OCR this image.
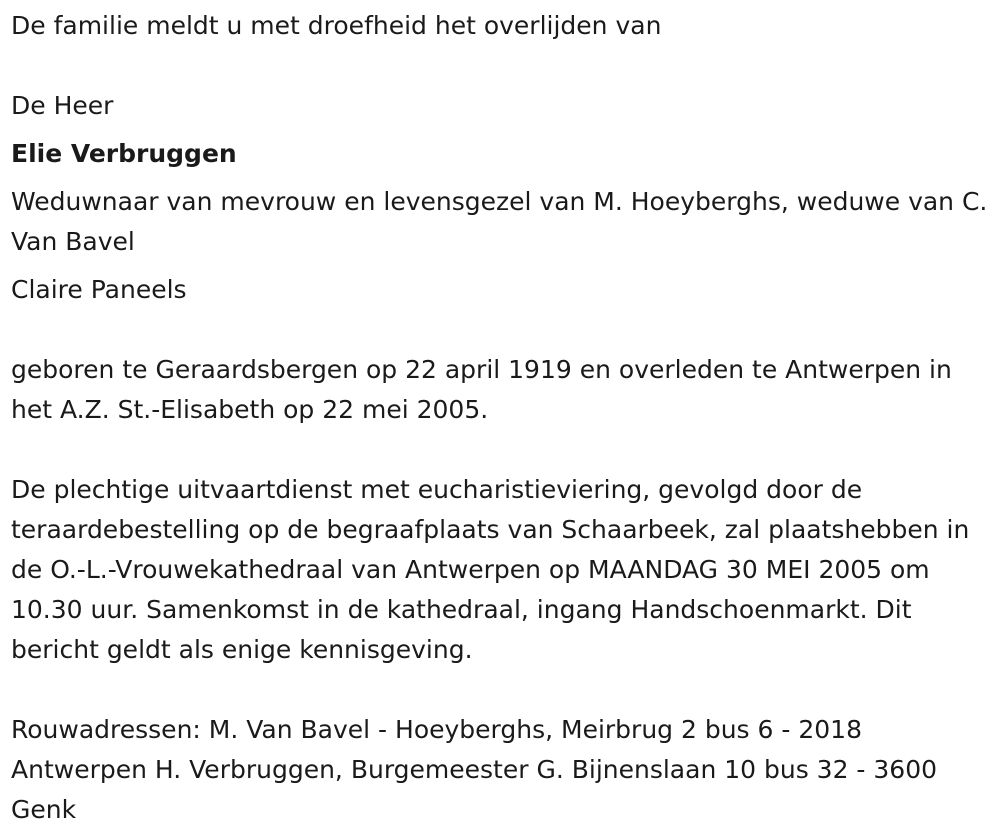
De familie meldt u met droefheid het overlijden van

De Heer

Elie Verbruggen

Weduwnaar van mevrouw en levensgezel van M. Hoeyberghs, weduwe van C. Van Bavel

Claire Paneels

geboren te Geraardsbergen op 22 april 1919 en overleden te Antwerpen in het A.Z. St.-Elisabeth op 22 mei 2005.

De plechtige uitvaartdienst met eucharistieviering, gevolgd door de teraardebestelling op de begraafplaats van Schaarbeek, zal plaatshebben in de O.-L.-Vrouwekathedraal van Antwerpen op MAANDAG 30 MEI 2005 om 10.30 uur. Samenkomst in de kathedraal, ingang Handschoenmarkt. Dit bericht geldt als enige kennisgeving.

Rouwadressen: M. Van Bavel - Hoeyberghs, Meirbrug 2 bus 6 - 2018 Antwerpen H. Verbruggen, Burgemeester G. Bijnenslaan 10 bus 32 - 3600 Genk
